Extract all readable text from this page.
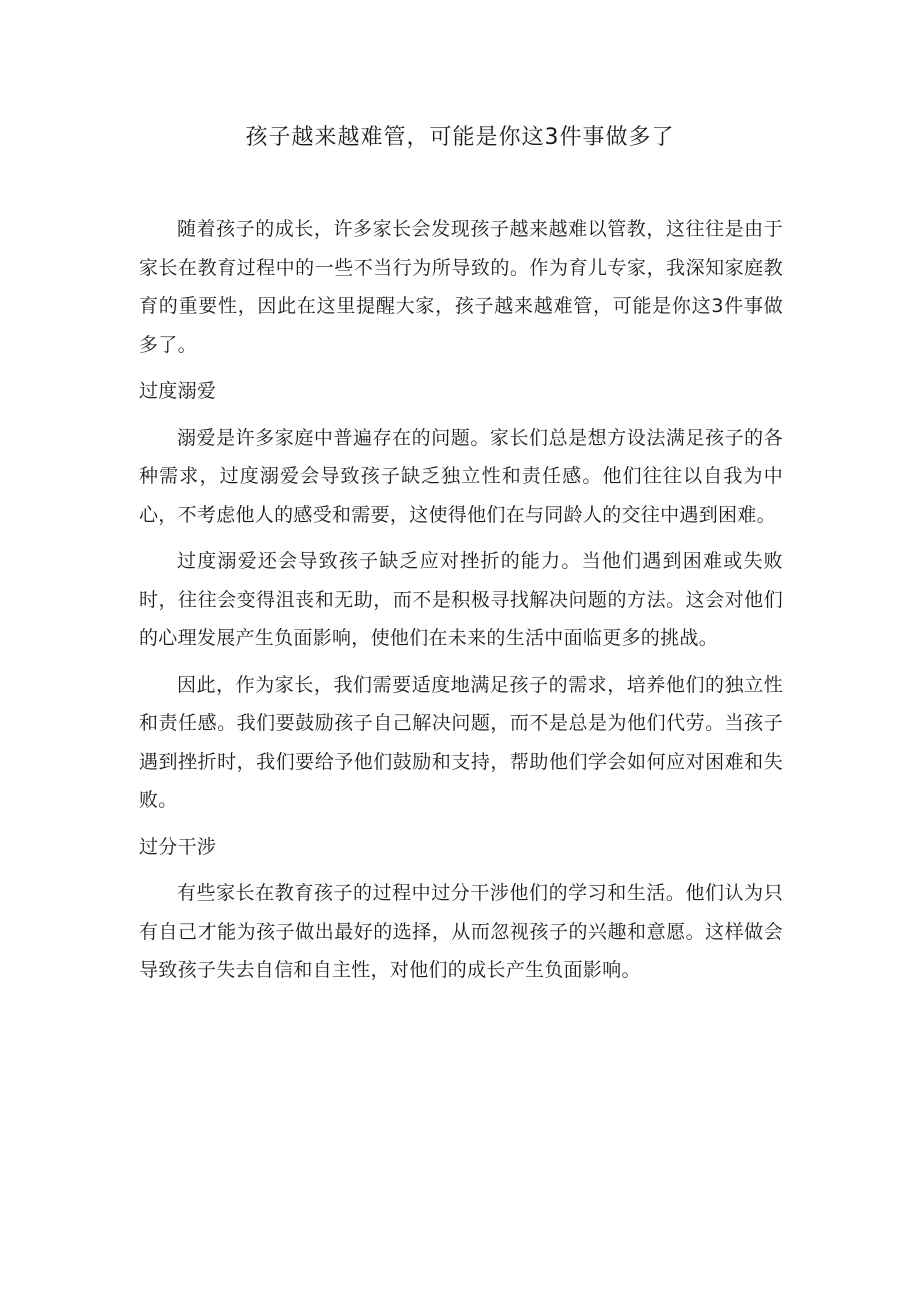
孩子越来越难管，可能是你这3件事做多了

随着孩子的成长，许多家长会发现孩子越来越难以管教，这往往是由于家长在教育过程中的一些不当行为所导致的。作为育儿专家，我深知家庭教育的重要性，因此在这里提醒大家，孩子越来越难管，可能是你这3件事做多了。

过度溺爱

溺爱是许多家庭中普遍存在的问题。家长们总是想方设法满足孩子的各种需求，过度溺爱会导致孩子缺乏独立性和责任感。他们往往以自我为中心，不考虑他人的感受和需要，这使得他们在与同龄人的交往中遇到困难。

过度溺爱还会导致孩子缺乏应对挫折的能力。当他们遇到困难或失败时，往往会变得沮丧和无助，而不是积极寻找解决问题的方法。这会对他们的心理发展产生负面影响，使他们在未来的生活中面临更多的挑战。

因此，作为家长，我们需要适度地满足孩子的需求，培养他们的独立性和责任感。我们要鼓励孩子自己解决问题，而不是总是为他们代劳。当孩子遇到挫折时，我们要给予他们鼓励和支持，帮助他们学会如何应对困难和失败。

过分干涉

有些家长在教育孩子的过程中过分干涉他们的学习和生活。他们认为只有自己才能为孩子做出最好的选择，从而忽视孩子的兴趣和意愿。这样做会导致孩子失去自信和自主性，对他们的成长产生负面影响。
